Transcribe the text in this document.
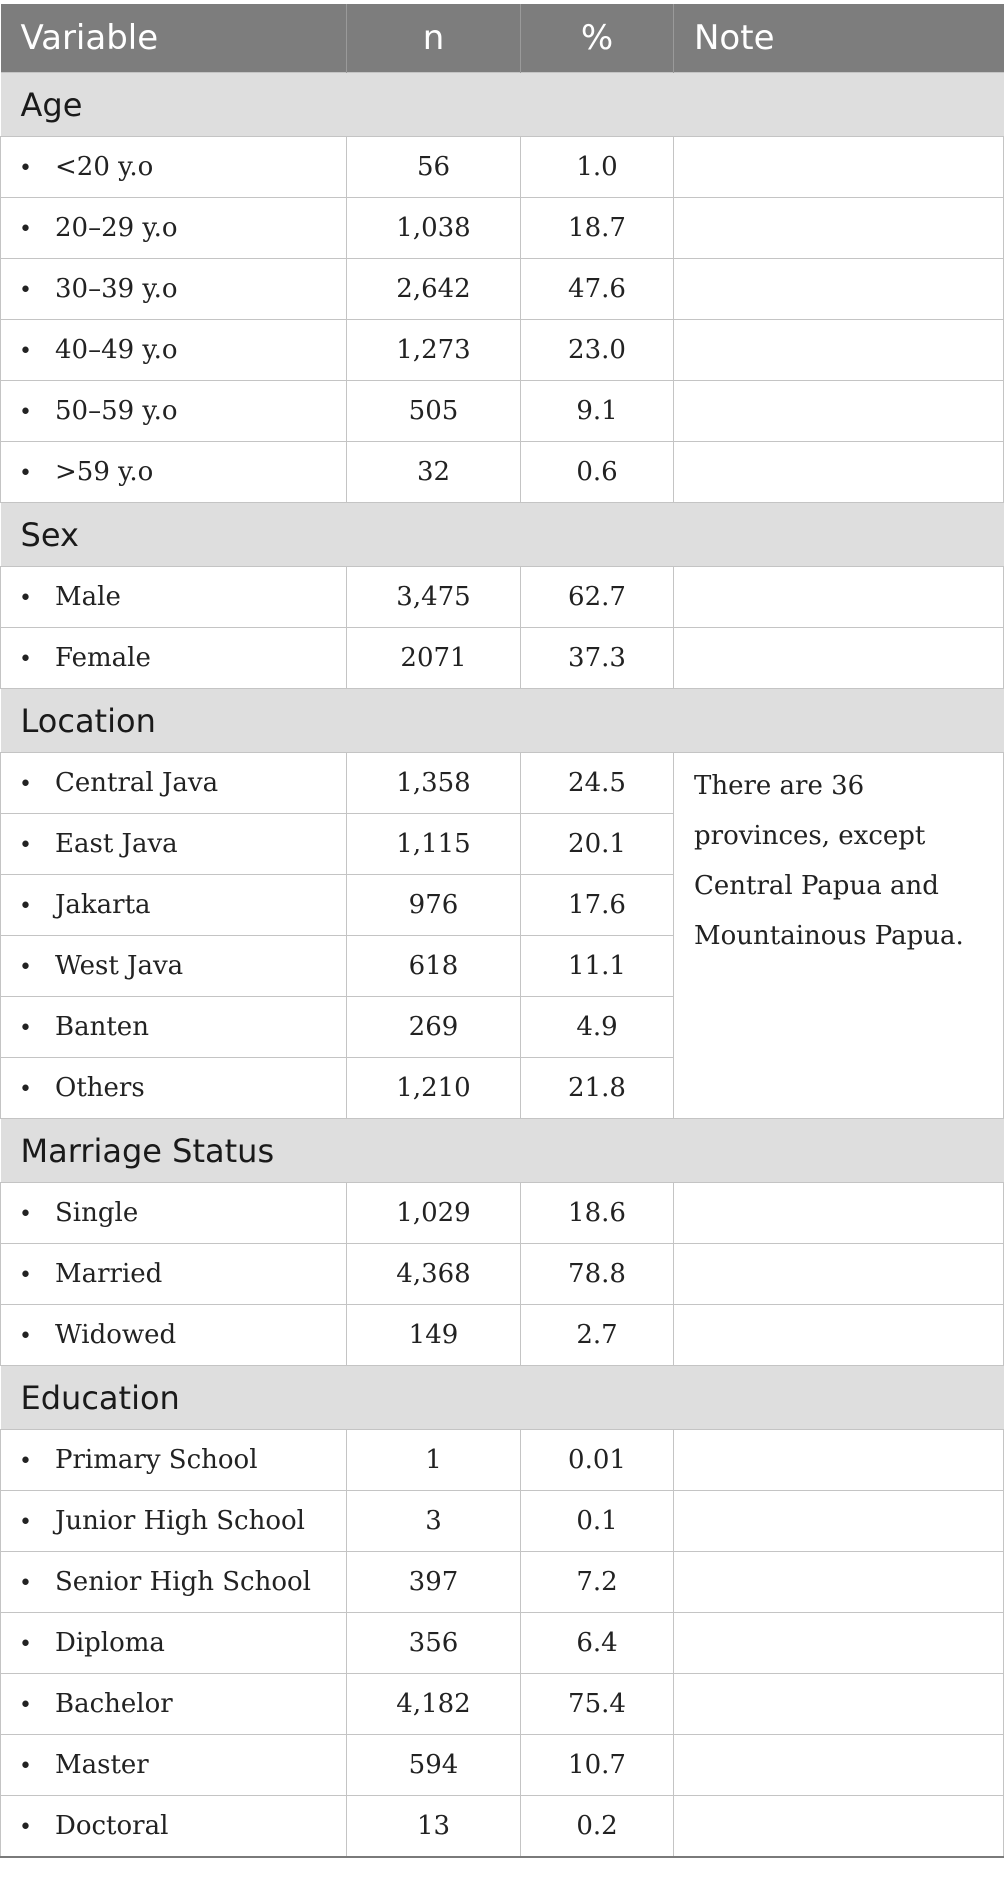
Variable	n	%	Note
Age			
• <20 y.o	56	1.0	
• 20–29 y.o	1,038	18.7	
• 30–39 y.o	2,642	47.6	
• 40–49 y.o	1,273	23.0	
• 50–59 y.o	505	9.1	
• >59 y.o	32	0.6	
Sex			
• Male	3,475	62.7	
• Female	2071	37.3	
Location			
• Central Java	1,358	24.5	There are 36 provinces, except Central Papua and Mountainous Papua.
• East Java	1,115	20.1	
• Jakarta	976	17.6	
• West Java	618	11.1	
• Banten	269	4.9	
• Others	1,210	21.8	
Marriage Status			
• Single	1,029	18.6	
• Married	4,368	78.8	
• Widowed	149	2.7	
Education			
• Primary School	1	0.01	
• Junior High School	3	0.1	
• Senior High School	397	7.2	
• Diploma	356	6.4	
• Bachelor	4,182	75.4	
• Master	594	10.7	
• Doctoral	13	0.2	
